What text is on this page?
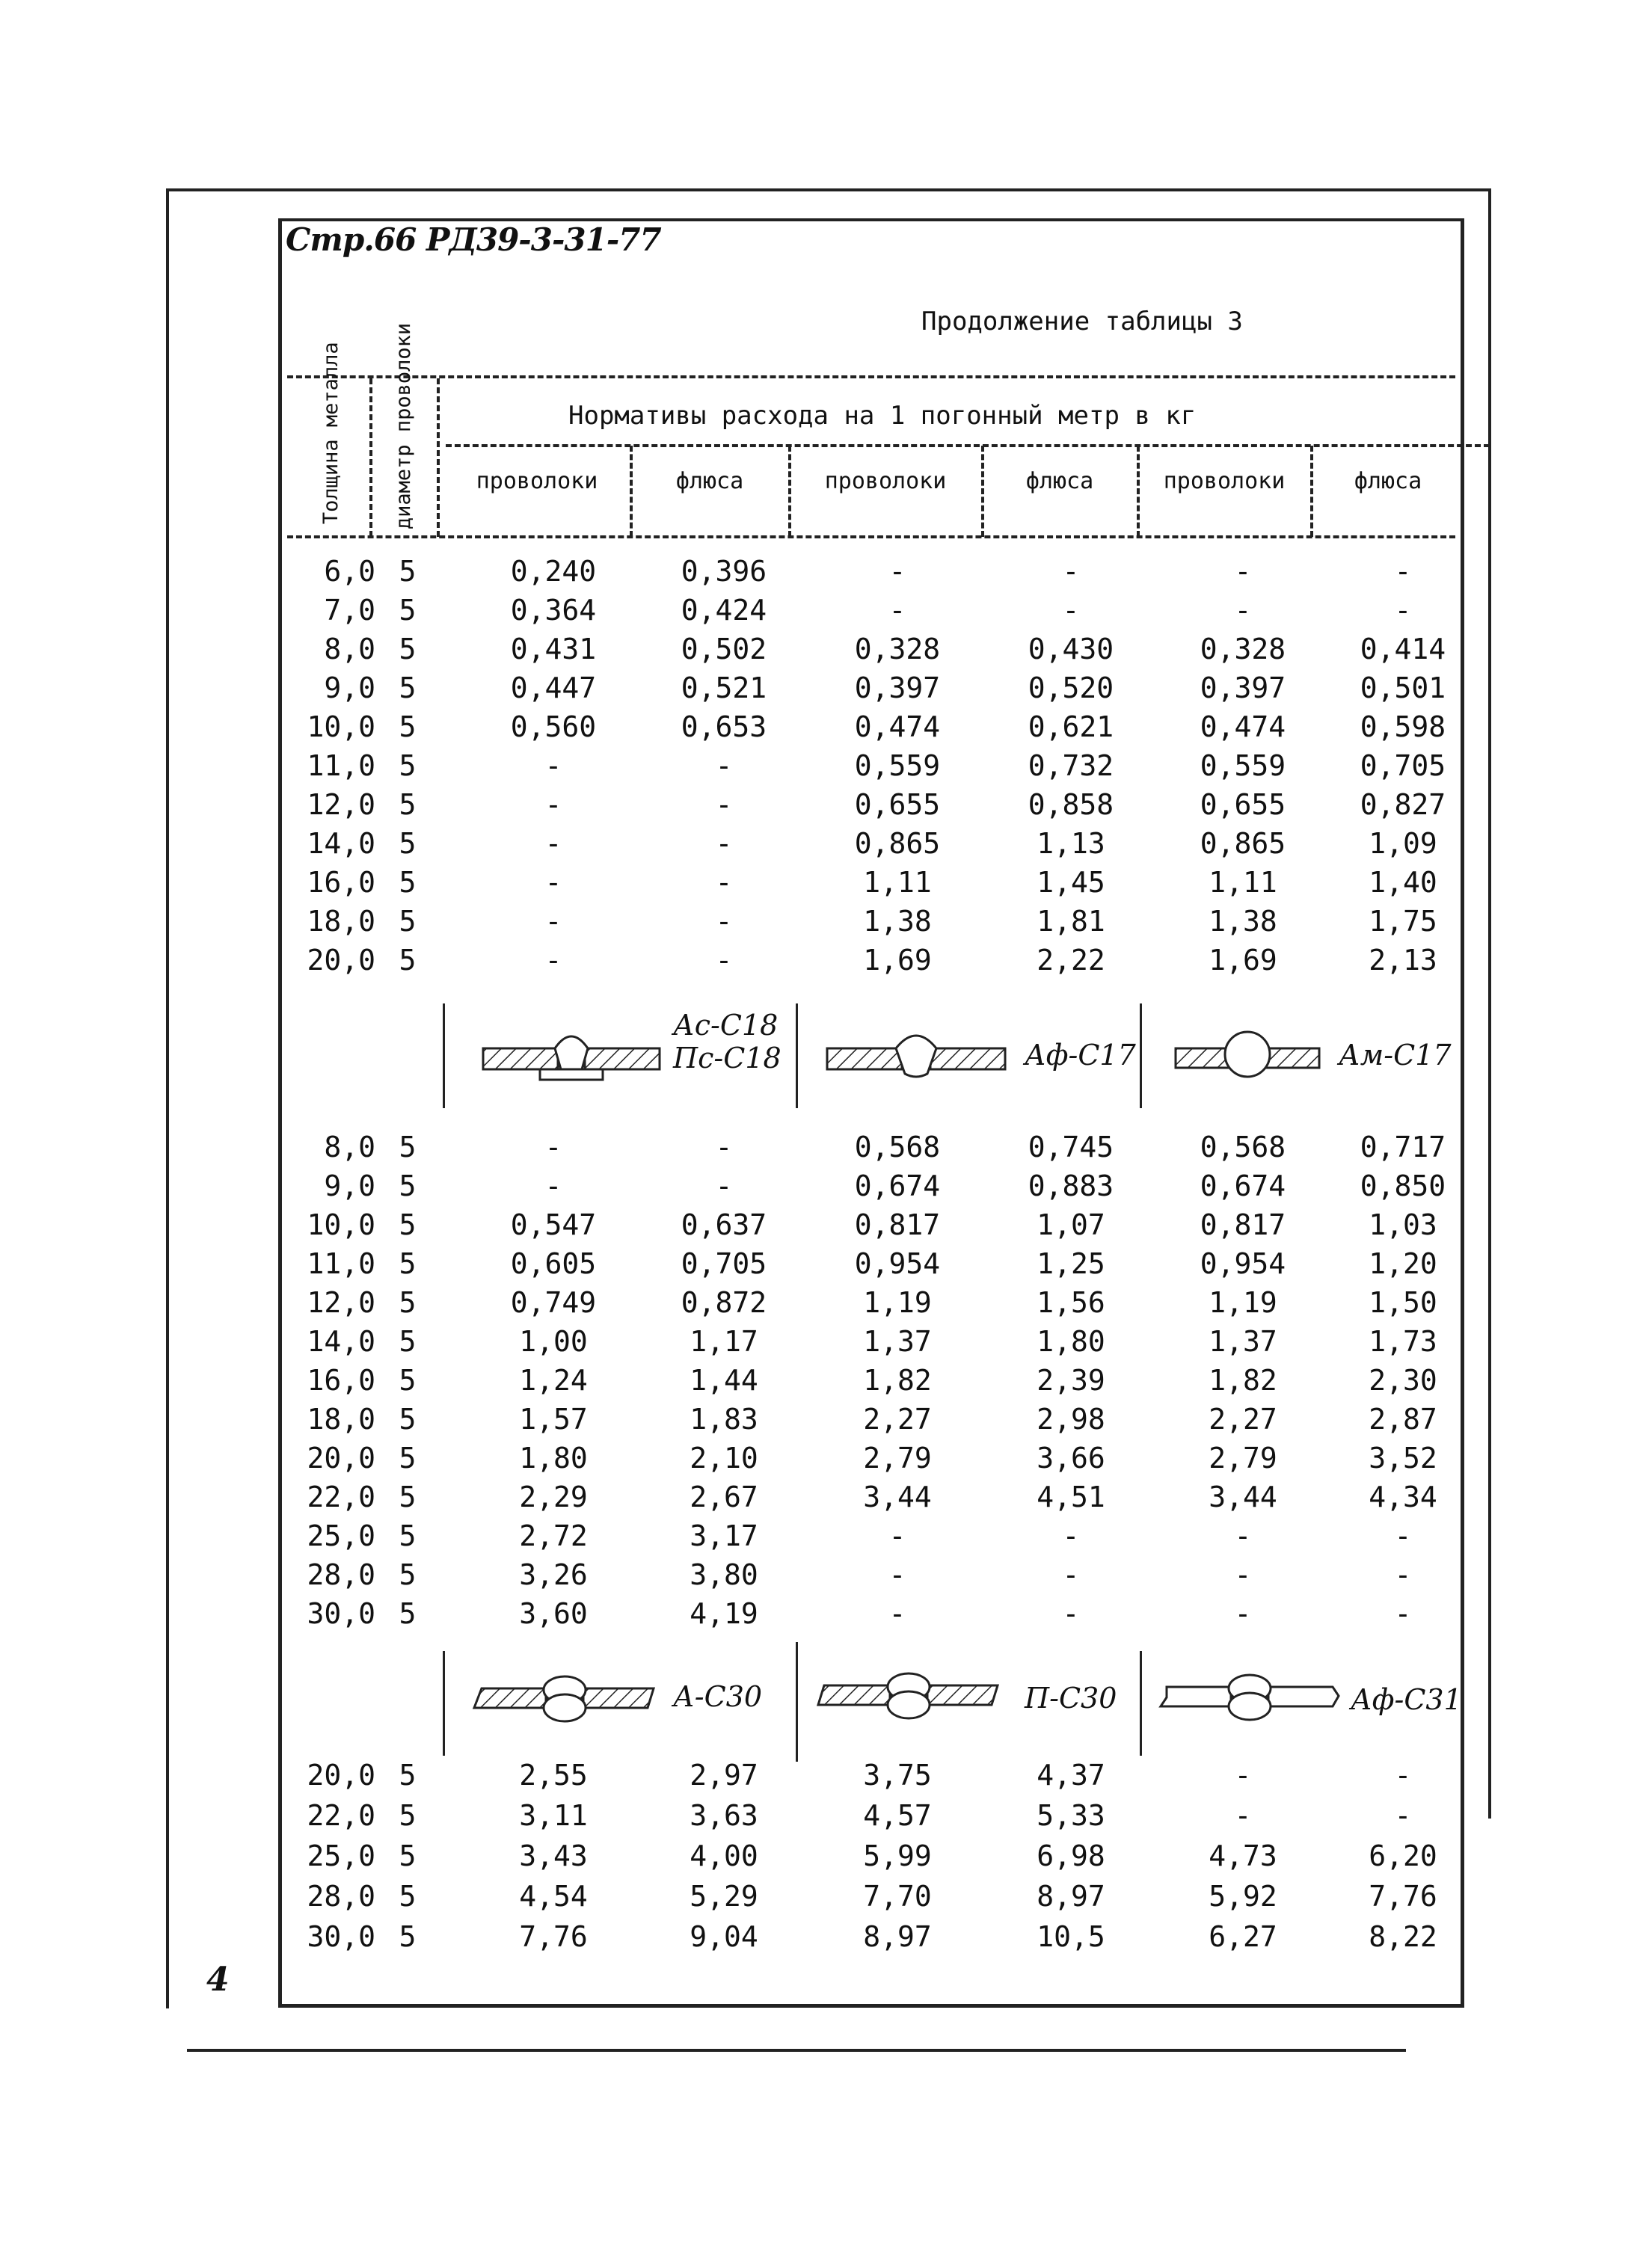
4
Стр.66 РД39-3-31-77
Продолжение таблицы 3
Толщина металла диаметр проволоки	Нормативы расхода на 1 погонный метр в кг
проволоки	флюса	проволоки	флюса	проволоки	флюса
6,0 5	0,240	0,396	-	-	-	-
7,0 5	0,364	0,424	-	-	-	-
8,0 5	0,431	0,502	0,328	0,430	0,328	0,414
9,0 5	0,447	0,521	0,397	0,520	0,397	0,501
10,0 5	0,560	0,653	0,474	0,621	0,474	0,598
11,0 5	-	-	0,559	0,732	0,559	0,705
12,0 5	-	-	0,655	0,858	0,655	0,827
14,0 5	-	-	0,865	1,13	0,865	1,09
16,0 5	-	-	1,11	1,45	1,11	1,40
18,0 5	-	-	1,38	1,81	1,38	1,75
20,0 5	-	-	1,69	2,22	1,69	2,13
Ас-С18
Пс-С18	Аф-С17	Ам-С17
8,0 5	-	-	0,568	0,745	0,568	0,717
9,0 5	-	-	0,674	0,883	0,674	0,850
10,0 5	0,547	0,637	0,817	1,07	0,817	1,03
11,0 5	0,605	0,705	0,954	1,25	0,954	1,20
12,0 5	0,749	0,872	1,19	1,56	1,19	1,50
14,0 5	1,00	1,17	1,37	1,80	1,37	1,73
16,0 5	1,24	1,44	1,82	2,39	1,82	2,30
18,0 5	1,57	1,83	2,27	2,98	2,27	2,87
20,0 5	1,80	2,10	2,79	3,66	2,79	3,52
22,0 5	2,29	2,67	3,44	4,51	3,44	4,34
25,0 5	2,72	3,17	-	-	-	-
28,0 5	3,26	3,80	-	-	-	-
30,0 5	3,60	4,19	-	-	-	-
А-С30	П-С30	Аф-С31
20,0 5	2,55	2,97	3,75	4,37	-	-
22,0 5	3,11	3,63	4,57	5,33	-	-
25,0 5	3,43	4,00	5,99	6,98	4,73	6,20
28,0 5	4,54	5,29	7,70	8,97	5,92	7,76
30,0 5	7,76	9,04	8,97	10,5	6,27	8,22
